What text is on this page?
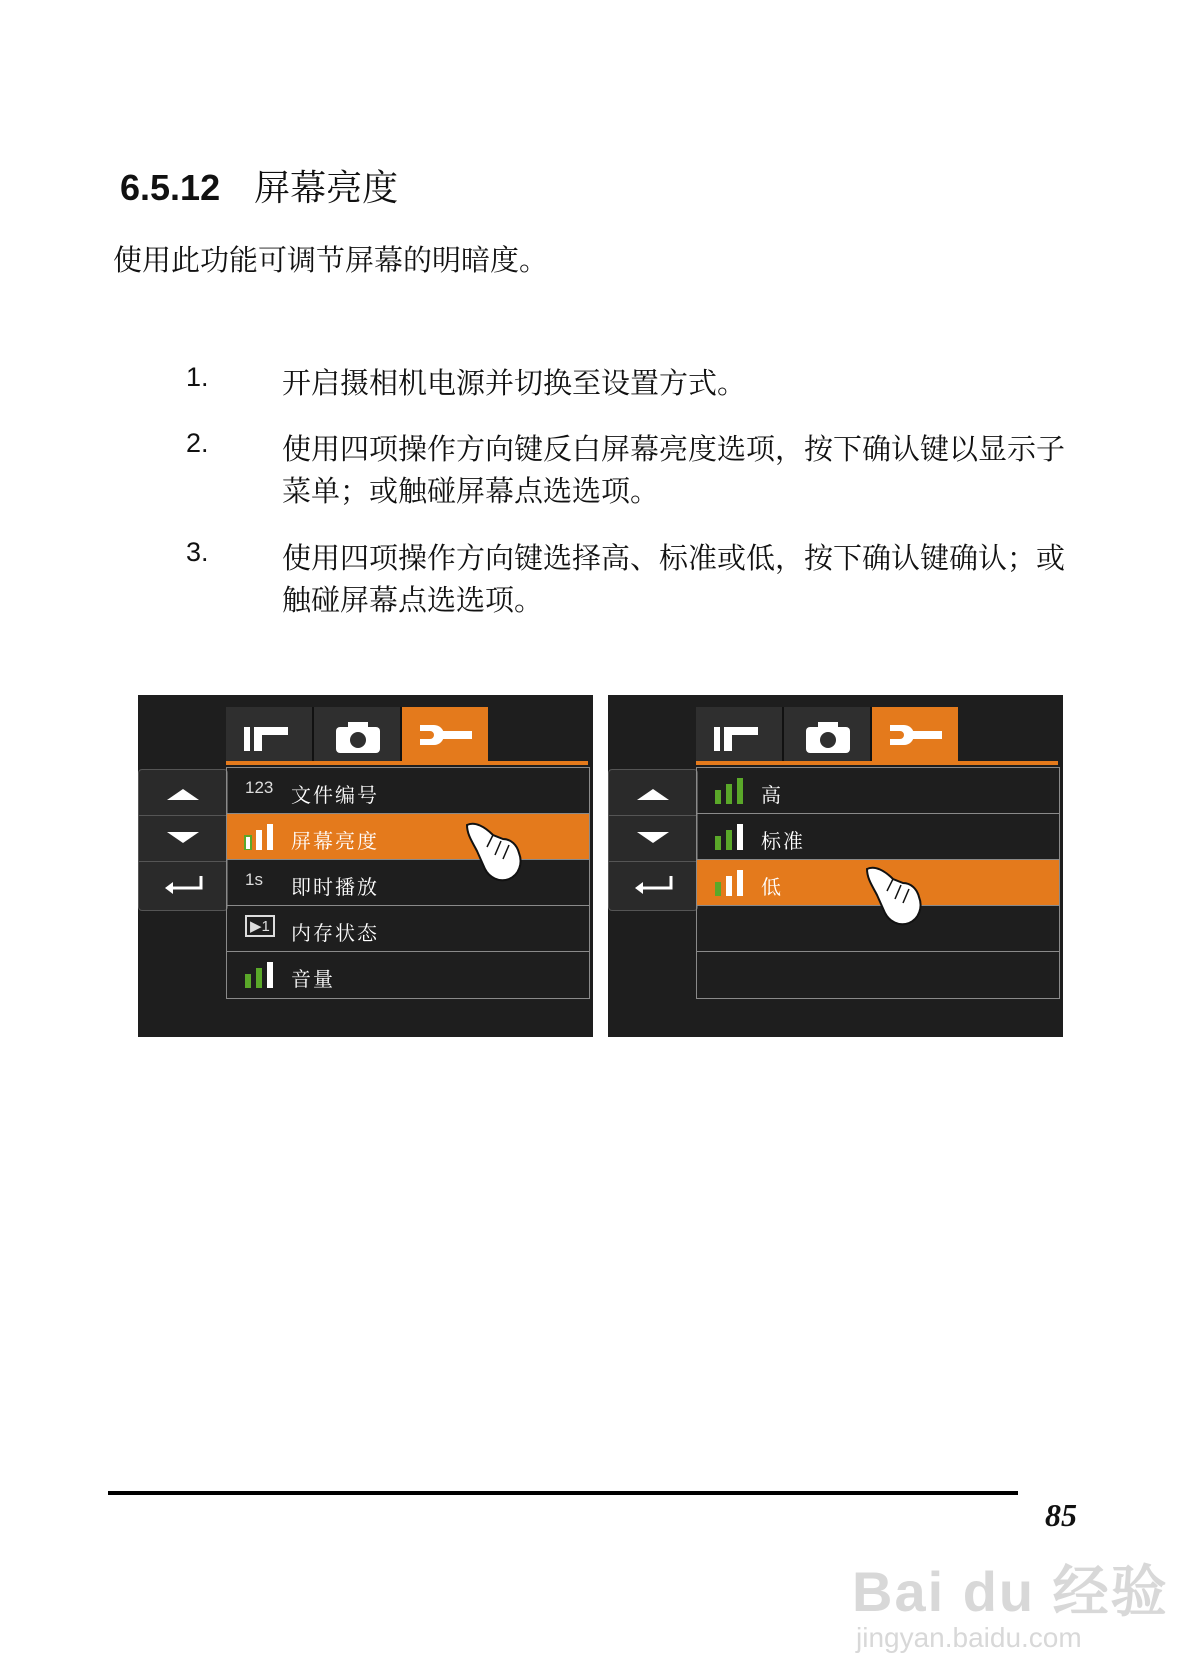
6.5.12 屏幕亮度
使用此功能可调节屏幕的明暗度。
1.	开启摄相机电源并切换至设置方式。
2.	使用四项操作方向键反白屏幕亮度选项，按下确认键以显示子菜单；或触碰屏幕点选选项。
3.	使用四项操作方向键选择高、标准或低，按下确认键确认；或触碰屏幕点选选项。
123 文件编号
屏幕亮度
1s 即时播放
▶1 内存状态
音量
高
标准
低
85
Bai du 经验
jingyan.baidu.com
